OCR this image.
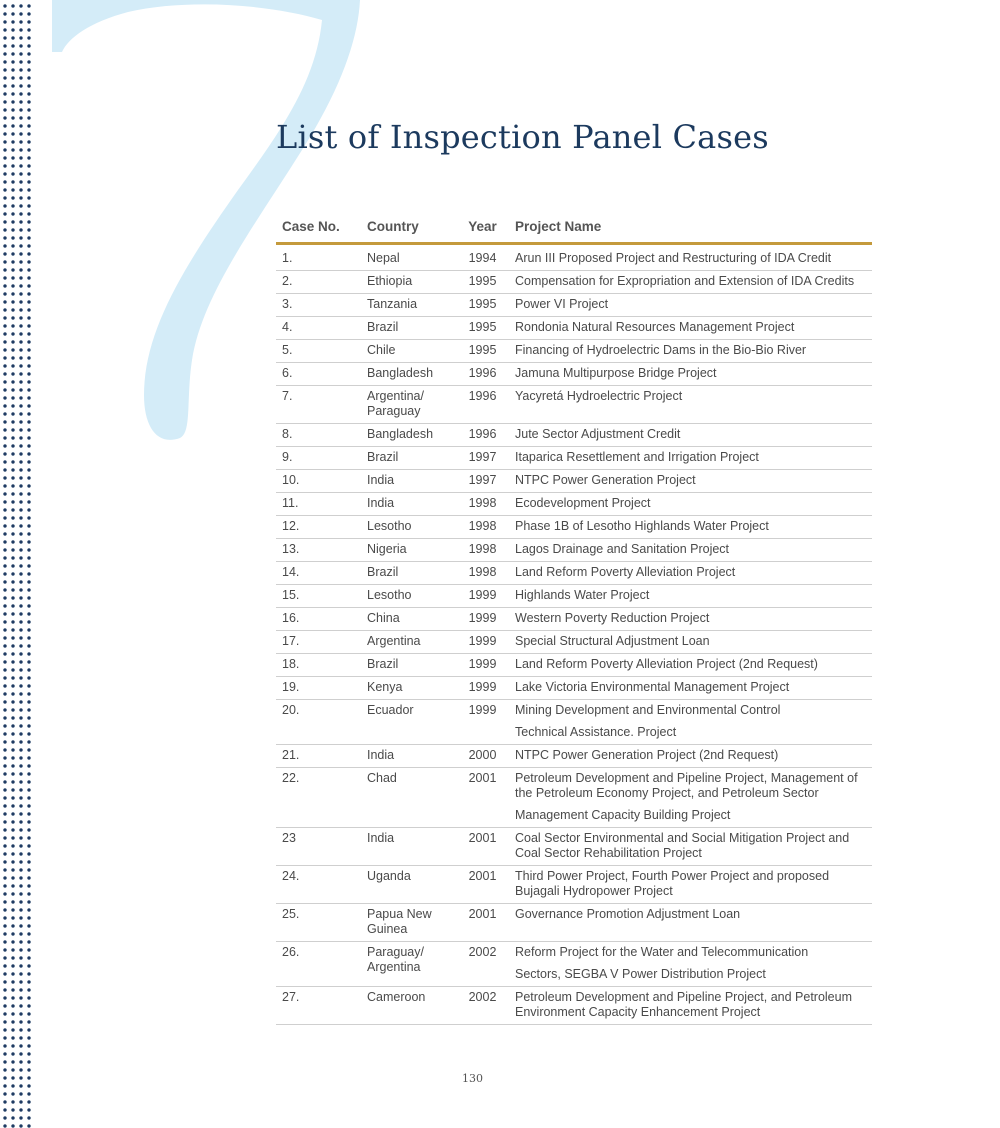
List of Inspection Panel Cases
Case No.	Country	Year	Project Name
1.	Nepal	1994	Arun III Proposed Project and Restructuring of IDA Credit

2.	Ethiopia	1995	Compensation for Expropriation and Extension of IDA Credits

3.	Tanzania	1995	Power VI Project

4.	Brazil	1995	Rondonia Natural Resources Management Project

5.	Chile	1995	Financing of Hydroelectric Dams in the Bio-Bio River

6.	Bangladesh	1996	Jamuna Multipurpose Bridge Project

7.	Argentina/ Paraguay	1996	Yacyretá Hydroelectric Project

8.	Bangladesh	1996	Jute Sector Adjustment Credit

9.	Brazil	1997	Itaparica Resettlement and Irrigation Project

10.	India	1997	NTPC Power Generation Project

11.	India	1998	Ecodevelopment Project

12.	Lesotho	1998	Phase 1B of Lesotho Highlands Water Project

13.	Nigeria	1998	Lagos Drainage and Sanitation Project

14.	Brazil	1998	Land Reform Poverty Alleviation Project

15.	Lesotho	1999	Highlands Water Project

16.	China	1999	Western Poverty Reduction Project

17.	Argentina	1999	Special Structural Adjustment Loan

18.	Brazil	1999	Land Reform Poverty Alleviation Project (2nd Request)

19.	Kenya	1999	Lake Victoria Environmental Management Project

20.	Ecuador	1999	Mining Development and Environmental Control
Technical Assistance. Project

21.	India	2000	NTPC Power Generation Project (2nd Request)

22.	Chad	2001	Petroleum Development and Pipeline Project, Management of the Petroleum Economy Project, and Petroleum Sector
Management Capacity Building Project

23	India	2001	Coal Sector Environmental and Social Mitigation Project and Coal Sector Rehabilitation Project

24.	Uganda	2001	Third Power Project, Fourth Power Project and proposed Bujagali Hydropower Project

25.	Papua New Guinea	2001	Governance Promotion Adjustment Loan

26.	Paraguay/ Argentina	2002	Reform Project for the Water and Telecommunication
Sectors, SEGBA V Power Distribution Project

27.	Cameroon	2002	Petroleum Development and Pipeline Project, and Petroleum Environment Capacity Enhancement Project
130
